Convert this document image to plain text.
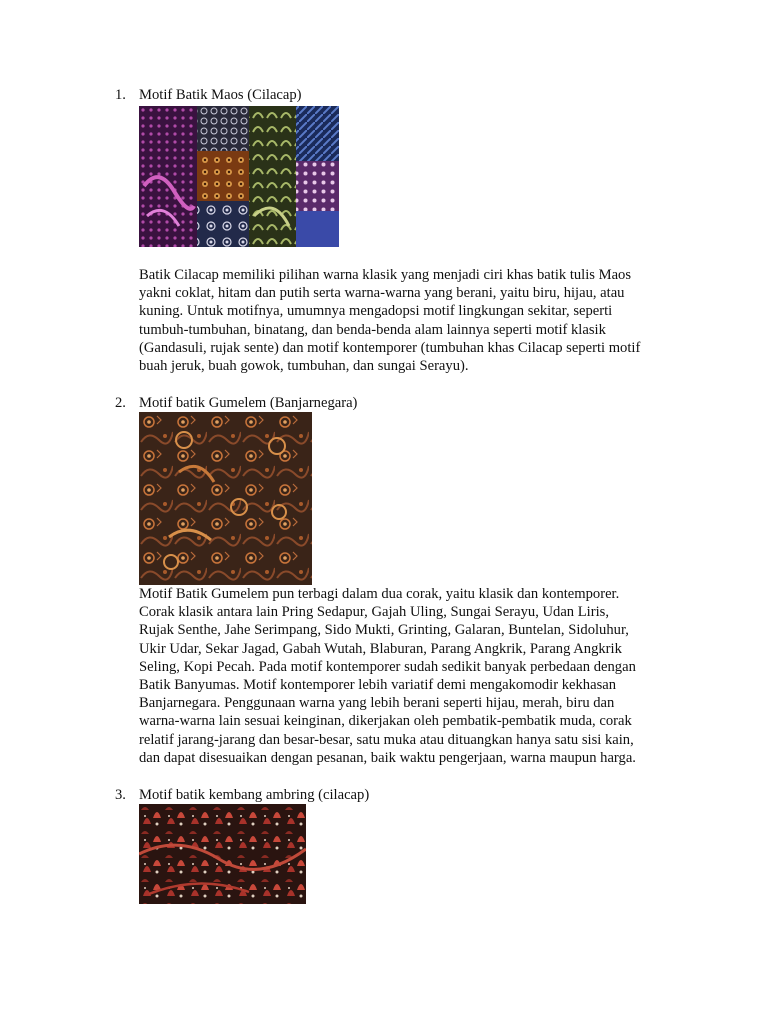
1. Motif Batik Maos (Cilacap)
Batik Cilacap memiliki pilihan warna klasik yang menjadi ciri khas batik tulis Maos
yakni coklat, hitam dan putih serta warna-warna yang berani, yaitu biru, hijau, atau
kuning. Untuk motifnya, umumnya mengadopsi motif lingkungan sekitar, seperti
tumbuh-tumbuhan, binatang, dan benda-benda alam lainnya seperti motif klasik
(Gandasuli, rujak sente) dan motif kontemporer (tumbuhan khas Cilacap seperti motif
buah jeruk, buah gowok, tumbuhan, dan sungai Serayu).
2. Motif batik Gumelem (Banjarnegara)
Motif Batik Gumelem pun terbagi dalam dua corak, yaitu klasik dan kontemporer.
Corak klasik antara lain Pring Sedapur, Gajah Uling, Sungai Serayu, Udan Liris,
Rujak Senthe, Jahe Serimpang, Sido Mukti, Grinting, Galaran, Buntelan, Sidoluhur,
Ukir Udar, Sekar Jagad, Gabah Wutah, Blaburan, Parang Angkrik, Parang Angkrik
Seling, Kopi Pecah. Pada motif kontemporer sudah sedikit banyak perbedaan dengan
Batik Banyumas. Motif kontemporer lebih variatif demi mengakomodir kekhasan
Banjarnegara. Penggunaan warna yang lebih berani seperti hijau, merah, biru dan
warna-warna lain sesuai keinginan, dikerjakan oleh pembatik-pembatik muda, corak
relatif jarang-jarang dan besar-besar, satu muka atau dituangkan hanya satu sisi kain,
dan dapat disesuaikan dengan pesanan, baik waktu pengerjaan, warna maupun harga.
3. Motif batik kembang ambring (cilacap)
